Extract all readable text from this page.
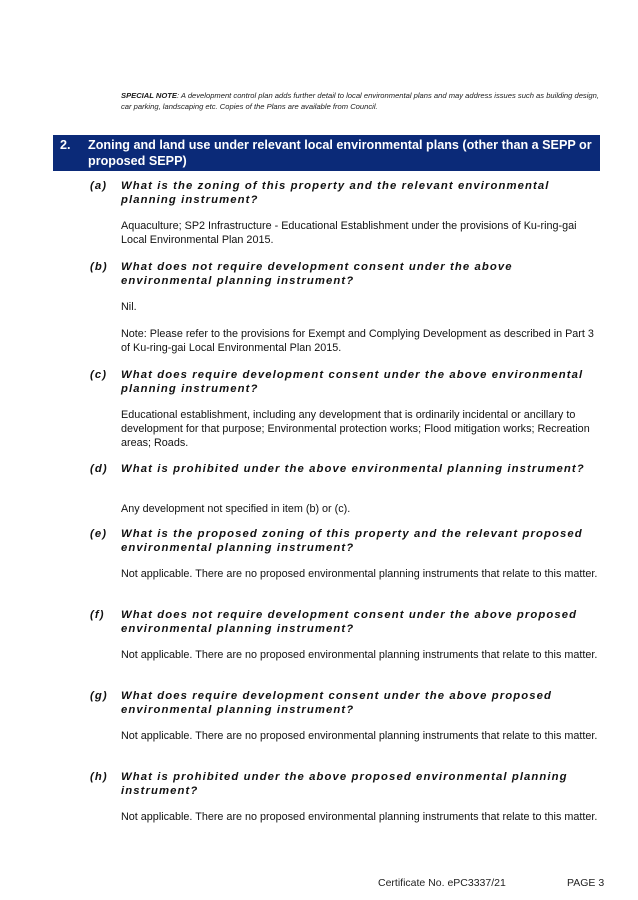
SPECIAL NOTE: A development control plan adds further detail to local environmental plans and may address issues such as building design, car parking, landscaping etc. Copies of the Plans are available from Council.
2. Zoning and land use under relevant local environmental plans (other than a SEPP or proposed SEPP)
(a) What is the zoning of this property and the relevant environmental planning instrument?
Aquaculture; SP2 Infrastructure - Educational Establishment under the provisions of Ku-ring-gai Local Environmental Plan 2015.
(b) What does not require development consent under the above environmental planning instrument?
Nil.
Note: Please refer to the provisions for Exempt and Complying Development as described in Part 3 of Ku-ring-gai Local Environmental Plan 2015.
(c) What does require development consent under the above environmental planning instrument?
Educational establishment, including any development that is ordinarily incidental or ancillary to development for that purpose; Environmental protection works; Flood mitigation works; Recreation areas; Roads.
(d) What is prohibited under the above environmental planning instrument?
Any development not specified in item (b) or (c).
(e) What is the proposed zoning of this property and the relevant proposed environmental planning instrument?
Not applicable. There are no proposed environmental planning instruments that relate to this matter.
(f) What does not require development consent under the above proposed environmental planning instrument?
Not applicable. There are no proposed environmental planning instruments that relate to this matter.
(g) What does require development consent under the above proposed environmental planning instrument?
Not applicable. There are no proposed environmental planning instruments that relate to this matter.
(h) What is prohibited under the above proposed environmental planning instrument?
Not applicable. There are no proposed environmental planning instruments that relate to this matter.
Certificate No. ePC3337/21	PAGE 3
